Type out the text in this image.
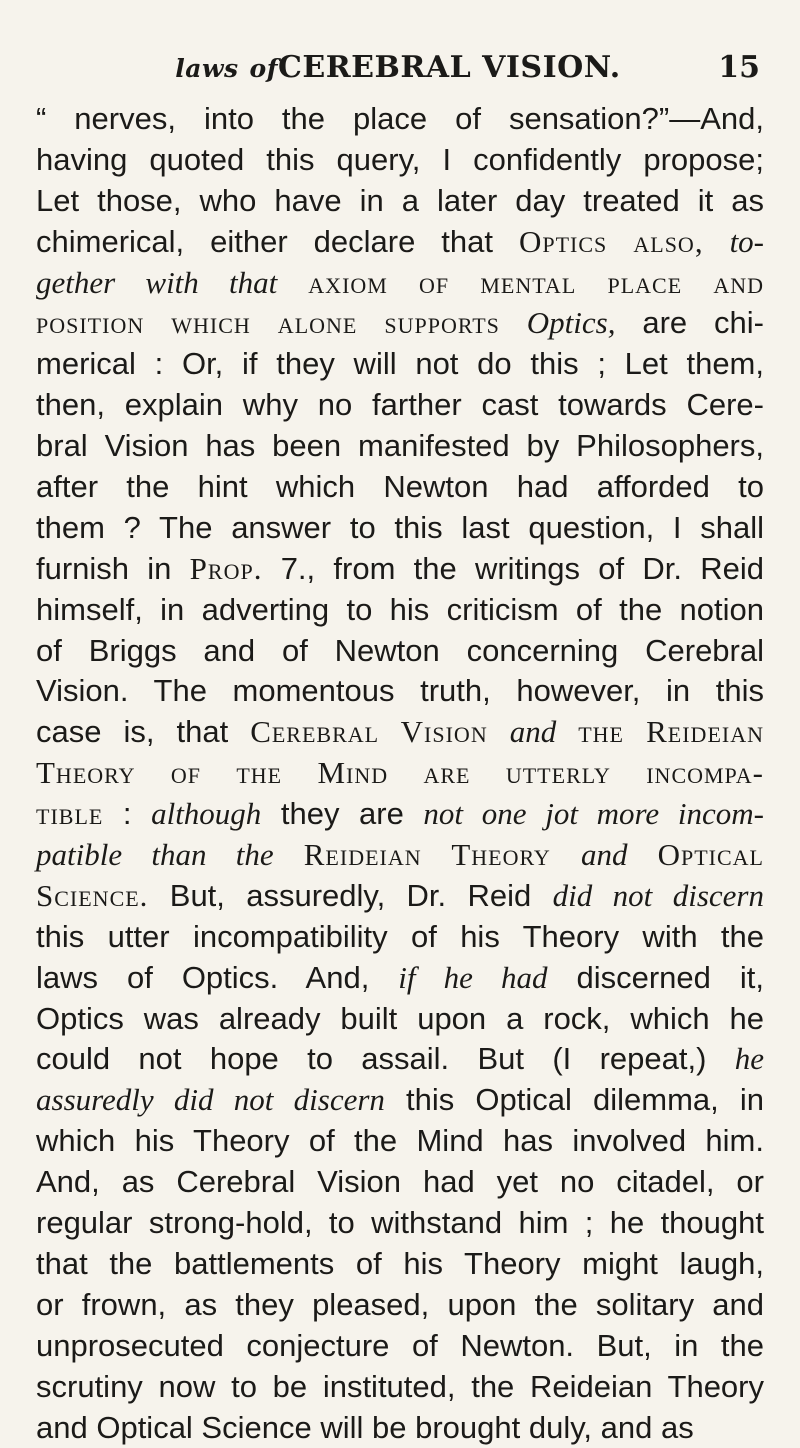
laws ofCEREBRAL VISION.	15
“ nerves, into the place of sensation?”—And,
having quoted this query, I confidently propose;
Let those, who have in a later day treated it as
chimerical, either declare that Optics also, to-
gether with that axiom of mental place and
position which alone supports Optics, are chi-
merical : Or, if they will not do this ; Let them,
then, explain why no farther cast towards Cere-
bral Vision has been manifested by Philosophers,
after the hint which Newton had afforded to
them ? The answer to this last question, I shall
furnish in Prop. 7., from the writings of Dr. Reid
himself, in adverting to his criticism of the notion
of Briggs and of Newton concerning Cerebral
Vision. The momentous truth, however, in this
case is, that Cerebral Vision and the Reideian
Theory of the Mind are utterly incompa-
tible : although they are not one jot more incom-
patible than the Reideian Theory and Optical
Science. But, assuredly, Dr. Reid did not discern
this utter incompatibility of his Theory with the
laws of Optics. And, if he had discerned it,
Optics was already built upon a rock, which he
could not hope to assail. But (I repeat,) he
assuredly did not discern this Optical dilemma, in
which his Theory of the Mind has involved him.
And, as Cerebral Vision had yet no citadel, or
regular strong-hold, to withstand him ; he thought
that the battlements of his Theory might laugh,
or frown, as they pleased, upon the solitary and
unprosecuted conjecture of Newton. But, in the
scrutiny now to be instituted, the Reideian Theory
and Optical Science will be brought duly, and as
